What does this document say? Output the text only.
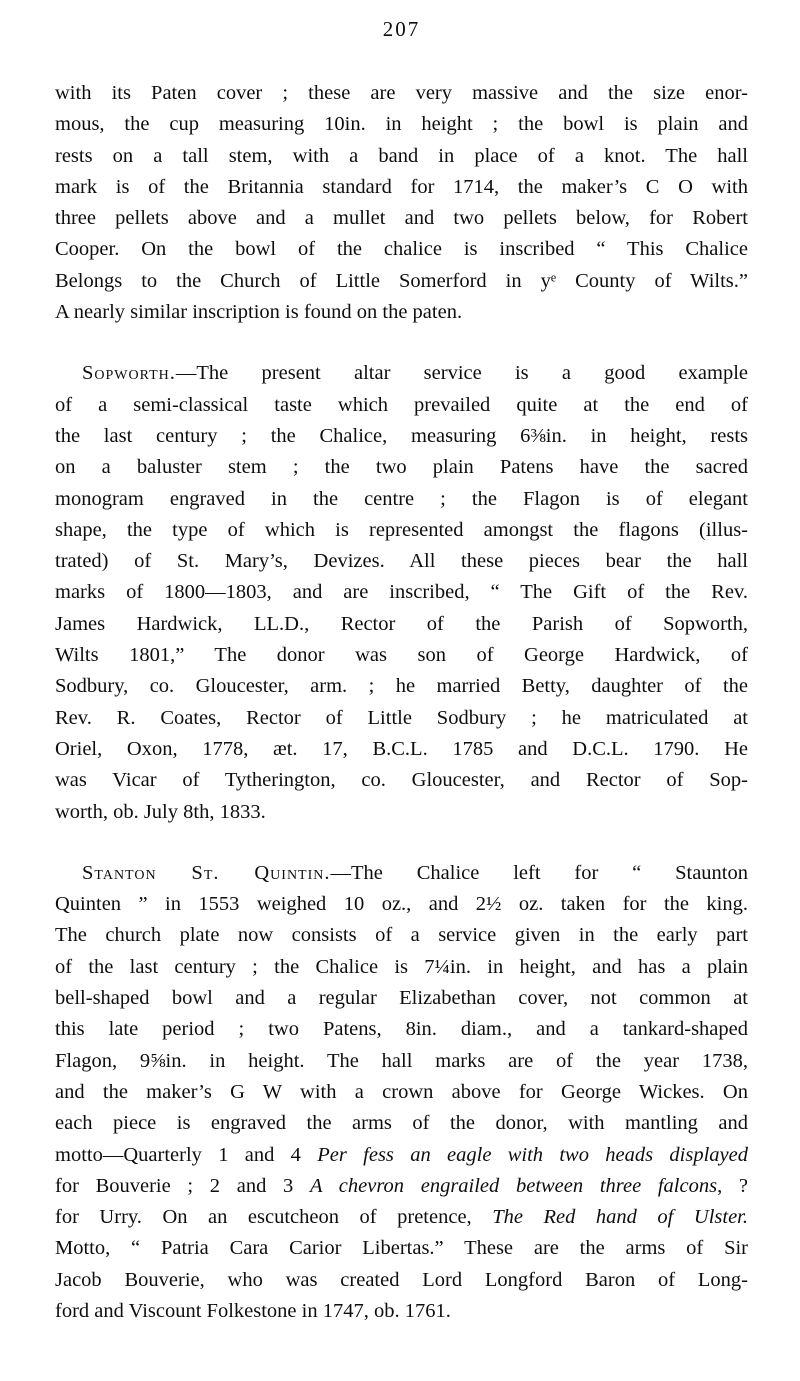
207
with its Paten cover ; these are very massive and the size enor-
mous, the cup measuring 10in. in height ; the bowl is plain and
rests on a tall stem, with a band in place of a knot. The hall
mark is of the Britannia standard for 1714, the maker’s C O with
three pellets above and a mullet and two pellets below, for Robert
Cooper. On the bowl of the chalice is inscribed “ This Chalice
Belongs to the Church of Little Somerford in yᵉ County of Wilts.”
A nearly similar inscription is found on the paten.
Sopworth.—The present altar service is a good example
of a semi-classical taste which prevailed quite at the end of
the last century ; the Chalice, measuring 6⅜in. in height, rests
on a baluster stem ; the two plain Patens have the sacred
monogram engraved in the centre ; the Flagon is of elegant
shape, the type of which is represented amongst the flagons (illus-
trated) of St. Mary’s, Devizes. All these pieces bear the hall
marks of 1800—1803, and are inscribed, “ The Gift of the Rev.
James Hardwick, LL.D., Rector of the Parish of Sopworth,
Wilts 1801,” The donor was son of George Hardwick, of
Sodbury, co. Gloucester, arm. ; he married Betty, daughter of the
Rev. R. Coates, Rector of Little Sodbury ; he matriculated at
Oriel, Oxon, 1778, æt. 17, B.C.L. 1785 and D.C.L. 1790. He
was Vicar of Tytherington, co. Gloucester, and Rector of Sop-
worth, ob. July 8th, 1833.
Stanton St. Quintin.—The Chalice left for “ Staunton
Quinten ” in 1553 weighed 10 oz., and 2½ oz. taken for the king.
The church plate now consists of a service given in the early part
of the last century ; the Chalice is 7¼in. in height, and has a plain
bell-shaped bowl and a regular Elizabethan cover, not common at
this late period ; two Patens, 8in. diam., and a tankard-shaped
Flagon, 9⅝in. in height. The hall marks are of the year 1738,
and the maker’s G W with a crown above for George Wickes. On
each piece is engraved the arms of the donor, with mantling and
motto—Quarterly 1 and 4 Per fess an eagle with two heads displayed
for Bouverie ; 2 and 3 A chevron engrailed between three falcons, ?
for Urry. On an escutcheon of pretence, The Red hand of Ulster.
Motto, “ Patria Cara Carior Libertas.” These are the arms of Sir
Jacob Bouverie, who was created Lord Longford Baron of Long-
ford and Viscount Folkestone in 1747, ob. 1761.
